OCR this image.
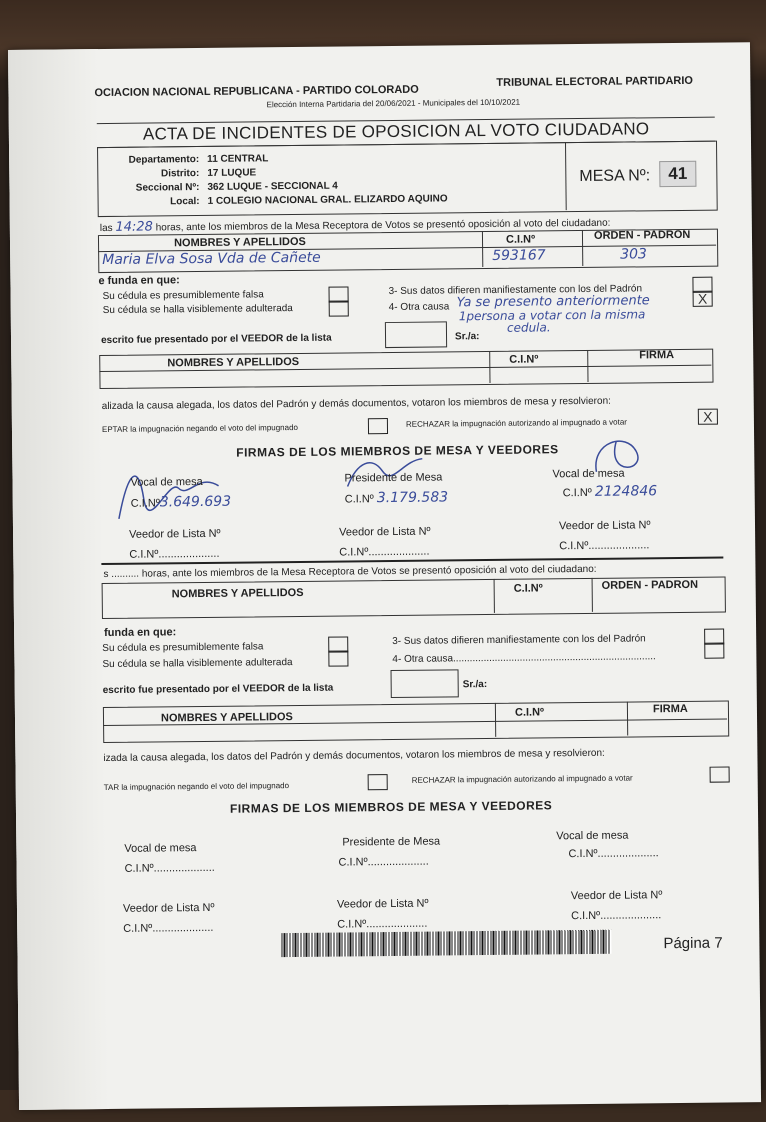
OCIACION NACIONAL REPUBLICANA - PARTIDO COLORADO
TRIBUNAL ELECTORAL PARTIDARIO
Elección Interna Partidaria del 20/06/2021 - Municipales del 10/10/2021
ACTA DE INCIDENTES DE OPOSICION AL VOTO CIUDADANO
Departamento: 11 CENTRAL
Distrito: 17 LUQUE
Seccional Nº: 362 LUQUE - SECCIONAL 4
Local: 1 COLEGIO NACIONAL GRAL. ELIZARDO AQUINO
MESA Nº:	41
las 14:28 horas, ante los miembros de la Mesa Receptora de Votos se presentó oposición al voto del ciudadano:
NOMBRES Y APELLIDOS	C.I.Nº	ORDEN - PADRON
Maria Elva Sosa Vda de Cañete	593167	303
e funda en que:
Su cédula es presumiblemente falsa
Su cédula se halla visiblemente adulterada
3- Sus datos difieren manifiestamente con los del Padrón
4- Otra causa Ya se presento anteriormente
1persona a votar con la misma
cedula.
X
escrito fue presentado por el VEEDOR de la lista	Sr./a:
NOMBRES Y APELLIDOS	C.I.Nº	FIRMA
alizada la causa alegada, los datos del Padrón y demás documentos, votaron los miembros de mesa y resolvieron:
EPTAR la impugnación negando el voto del impugnado	RECHAZAR la impugnación autorizando al impugnado a votar	X
FIRMAS DE LOS MIEMBROS DE MESA Y VEEDORES
Vocal de mesa
C.I.Nº3.649.693
Presidente de Mesa
C.I.Nº 3.179.583
Vocal de mesa
C.I.Nº 2124846
Veedor de Lista Nº
C.I.Nº....................
Veedor de Lista Nº
C.I.Nº....................
Veedor de Lista Nº
C.I.Nº....................
s .......... horas, ante los miembros de la Mesa Receptora de Votos se presentó oposición al voto del ciudadano:
NOMBRES Y APELLIDOS	C.I.Nº	ORDEN - PADRON
funda en que:
Su cédula es presumiblemente falsa
Su cédula se halla visiblemente adulterada
3- Sus datos difieren manifiestamente con los del Padrón
4- Otra causa.........................................................................
escrito fue presentado por el VEEDOR de la lista	Sr./a:
NOMBRES Y APELLIDOS	C.I.Nº	FIRMA
izada la causa alegada, los datos del Padrón y demás documentos, votaron los miembros de mesa y resolvieron:
TAR la impugnación negando el voto del impugnado
RECHAZAR la impugnación autorizando al impugnado a votar
FIRMAS DE LOS MIEMBROS DE MESA Y VEEDORES
Vocal de mesa
C.I.Nº....................
Presidente de Mesa
C.I.Nº....................
Vocal de mesa
C.I.Nº....................
Veedor de Lista Nº
C.I.Nº....................
Veedor de Lista Nº
C.I.Nº....................
Veedor de Lista Nº
C.I.Nº....................
Página 7
